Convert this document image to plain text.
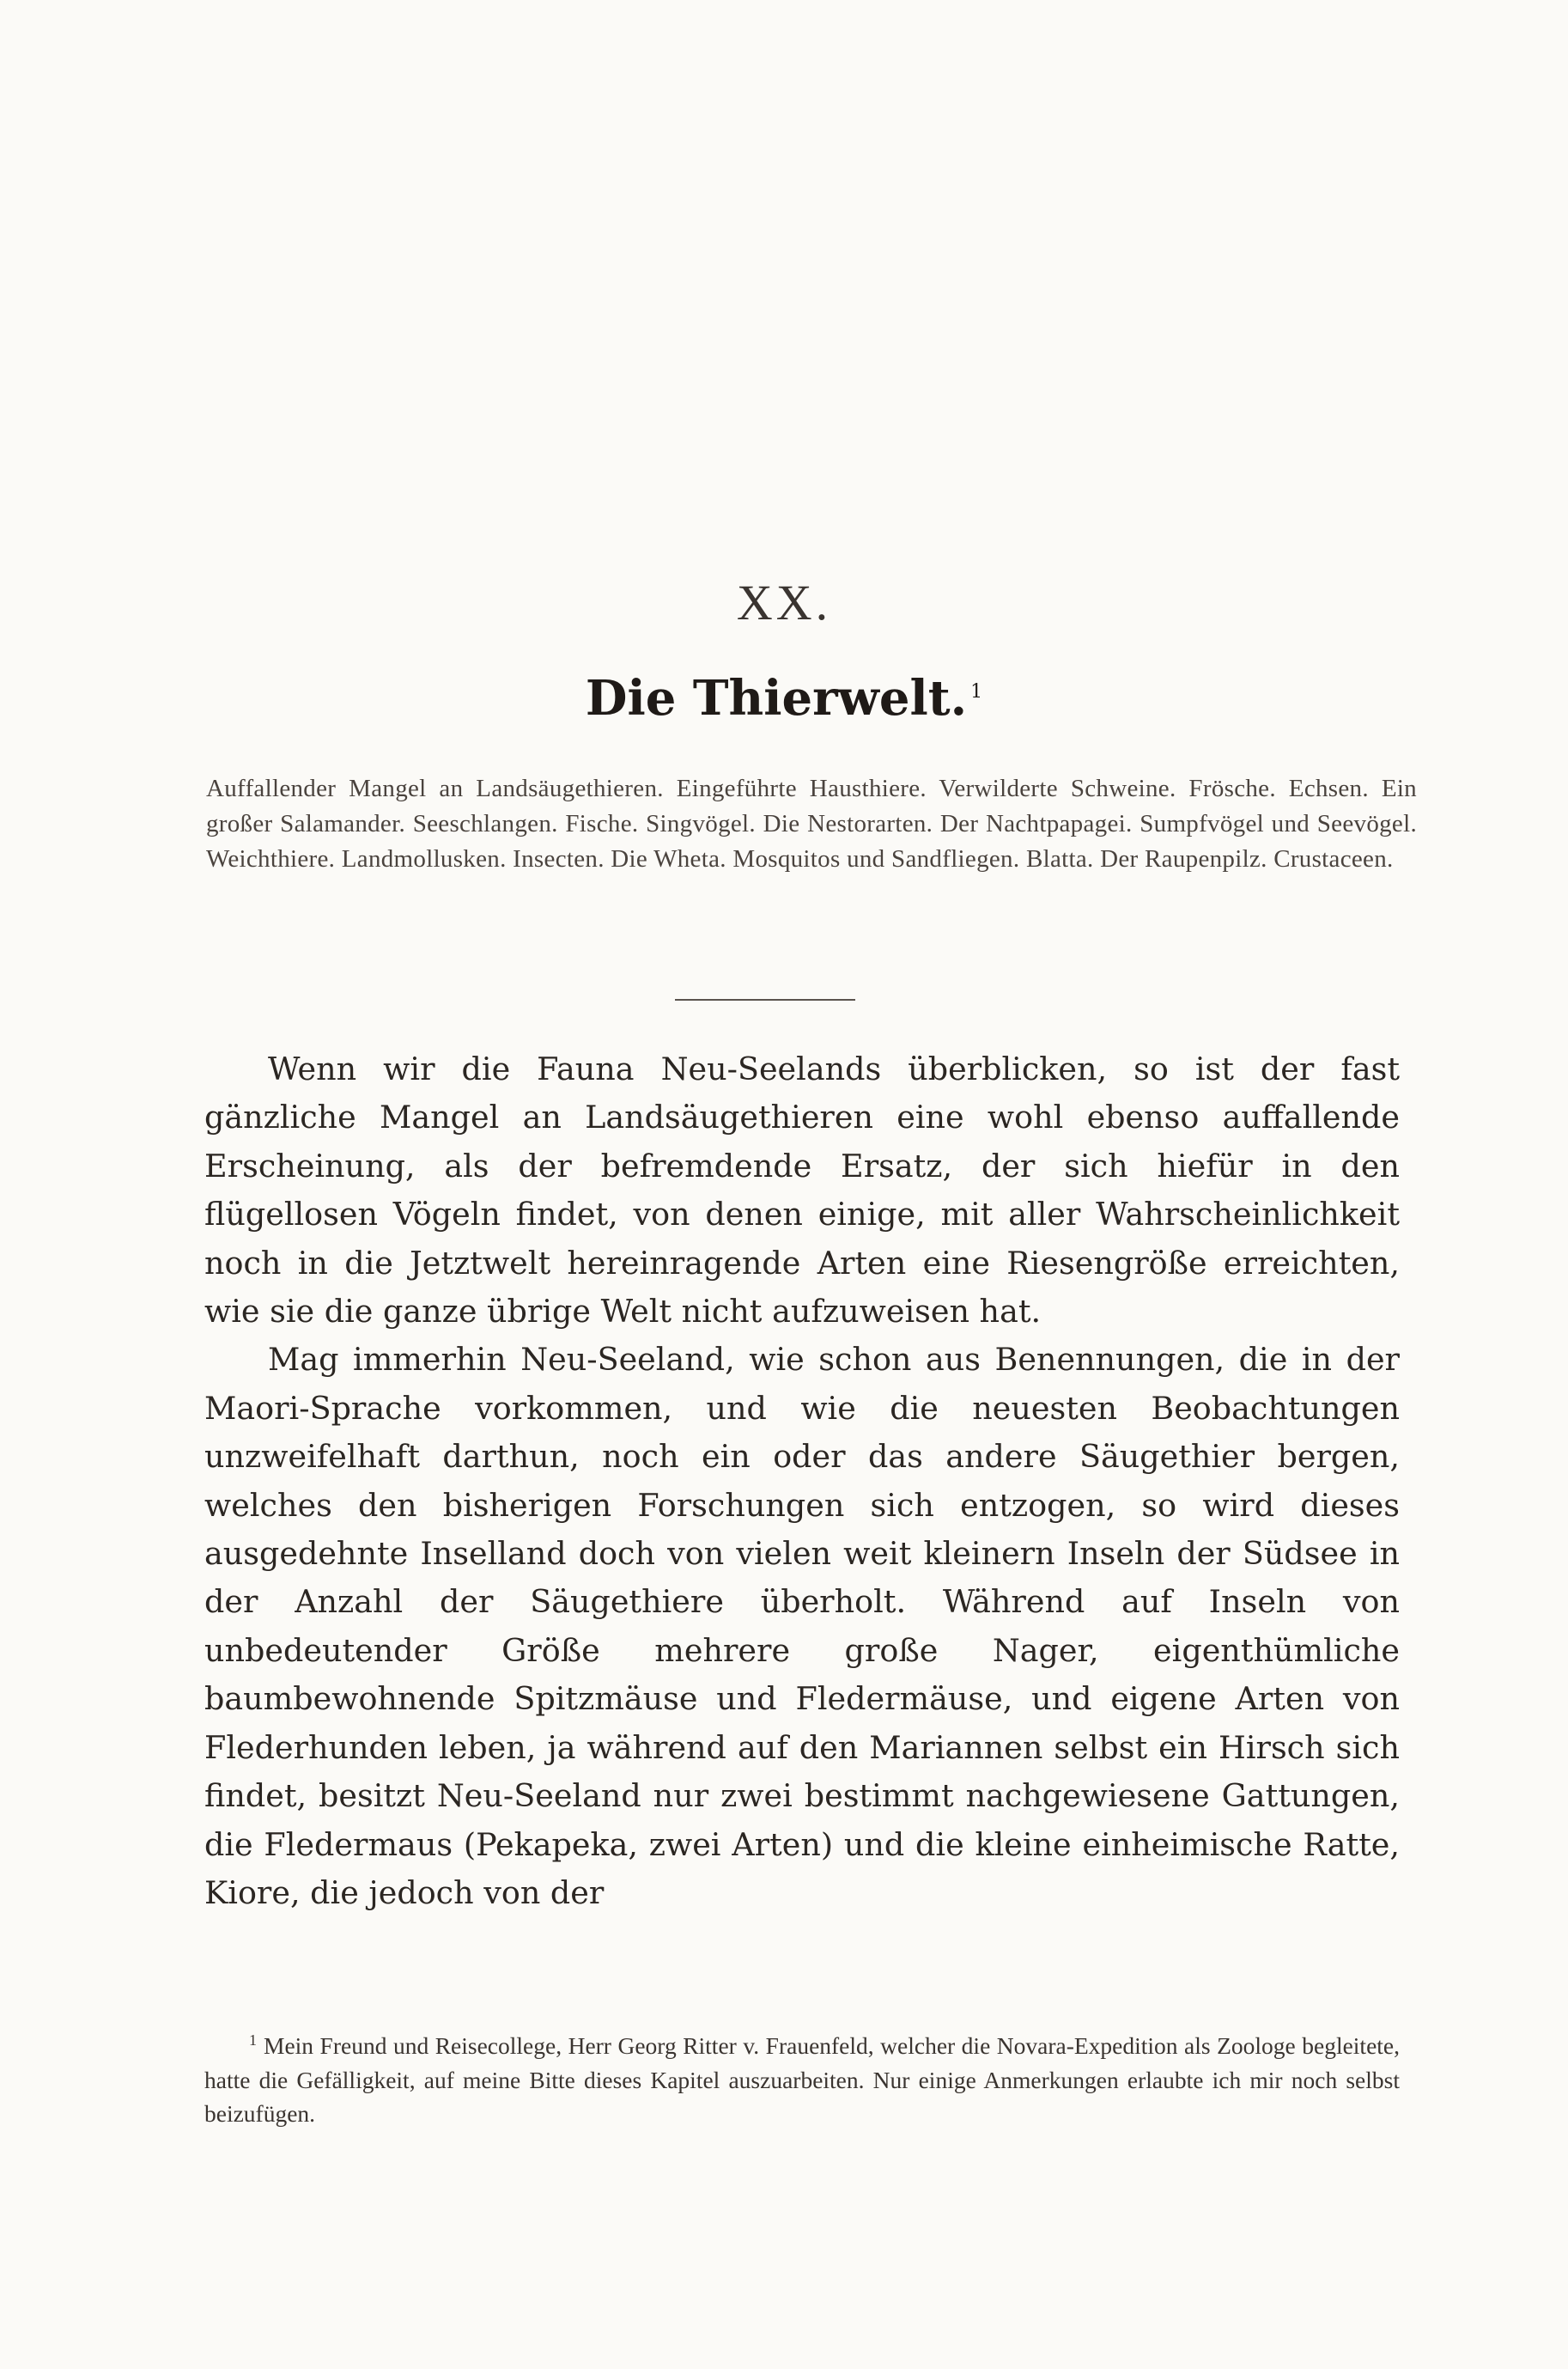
XX.
Die Thierwelt. $^1$
Auffallender Mangel an Landsäugethieren. Eingeführte Hausthiere. Verwilderte Schweine. Frösche. Echsen. Ein großer Salamander. Seeschlangen. Fische. Singvögel. Die Nestorarten. Der Nachtpapagei. Sumpfvögel und Seevögel. Weichthiere. Landmollusken. Insecten. Die Wheta. Mosquitos und Sandfliegen. Blatta. Der Raupenpilz. Crustaceen.

Wenn wir die Fauna Neu-Seelands überblicken, so ist der fast gänzliche Mangel an Landsäugethieren eine wohl ebenso auffallende Erscheinung, als der befremdende Ersatz, der sich hiefür in den flügellosen Vögeln findet, von denen einige, mit aller Wahrscheinlichkeit noch in die Jetztwelt hereinragende Arten eine Riesengröße erreichten, wie sie die ganze übrige Welt nicht aufzuweisen hat.

Mag immerhin Neu-Seeland, wie schon aus Benennungen, die in der Maori-Sprache vorkommen, und wie die neuesten Beobachtungen unzweifelhaft darthun, noch ein oder das andere Säugethier bergen, welches den bisherigen Forschungen sich entzogen, so wird dieses ausgedehnte Inselland doch von vielen weit kleinern Inseln der Südsee in der Anzahl der Säugethiere überholt. Während auf Inseln von unbedeutender Größe mehrere große Nager, eigenthümliche baumbewohnende Spitzmäuse und Fledermäuse, und eigene Arten von Flederhunden leben, ja während auf den Mariannen selbst ein Hirsch sich findet, besitzt Neu-Seeland nur zwei bestimmt nachgewiesene Gattungen, die Fledermaus (Pekapeka, zwei Arten) und die kleine einheimische Ratte, Kiore, die jedoch von der

$^1$ Mein Freund und Reisecollege, Herr Georg Ritter v. Frauenfeld, welcher die Novara-Expedition als Zoologe begleitete, hatte die Gefälligkeit, auf meine Bitte dieses Kapitel auszuarbeiten. Nur einige Anmerkungen erlaubte ich mir noch selbst beizufügen.
